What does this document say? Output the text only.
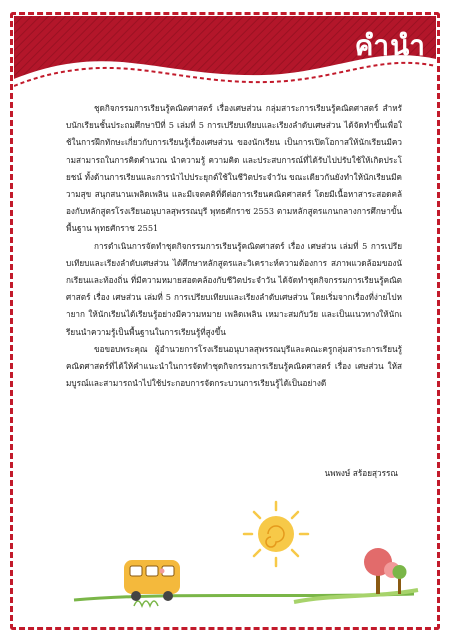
คำนำ

ชุดกิจกรรมการเรียนรู้คณิตศาสตร์ เรื่องเศษส่วน กลุ่มสาระการเรียนรู้คณิตศาสตร์ สำหรับนักเรียนชั้นประถมศึกษาปีที่ 5 เล่มที่ 5 การเปรียบเทียบและเรียงลำดับเศษส่วน ได้จัดทำขึ้นเพื่อใช้ในการฝึกทักษะเกี่ยวกับการเรียนรู้เรื่องเศษส่วน ของนักเรียน เป็นการเปิดโอกาสให้นักเรียนมีความสามารถในการคิดคำนวณ นำความรู้ ความคิด และประสบการณ์ที่ได้รับไปปรับใช้ให้เกิดประโยชน์ ทั้งด้านการเรียนและการนำไปประยุกต์ใช้ในชีวิตประจำวัน ขณะเดียวกันยังทำให้นักเรียนมีความสุข สนุกสนานเพลิดเพลิน และมีเจตคติที่ดีต่อการเรียนคณิตศาสตร์ โดยมีเนื้อหาสาระสอดคล้องกับหลักสูตรโรงเรียนอนุบาลสุพรรณบุรี พุทธศักราช 2553 ตามหลักสูตรแกนกลางการศึกษาขั้นพื้นฐาน พุทธศักราช 2551

การดำเนินการจัดทำชุดกิจกรรมการเรียนรู้คณิตศาสตร์ เรื่อง เศษส่วน เล่มที่ 5 การเปรียบเทียบและเรียงลำดับเศษส่วน ได้ศึกษาหลักสูตรและวิเคราะห์ความต้องการ สภาพแวดล้อมของนักเรียนและท้องถิ่น ที่มีความหมายสอดคล้องกับชีวิตประจำวัน ได้จัดทำชุดกิจกรรมการเรียนรู้คณิตศาสตร์ เรื่อง เศษส่วน เล่มที่ 5 การเปรียบเทียบและเรียงลำดับเศษส่วน โดยเริ่มจากเรื่องที่ง่ายไปหายาก ให้นักเรียนได้เรียนรู้อย่างมีความหมาย เพลิดเพลิน เหมาะสมกับวัย และเป็นแนวทางให้นักเรียนนำความรู้เป็นพื้นฐานในการเรียนรู้ที่สูงขึ้น

ขอขอบพระคุณ ผู้อำนวยการโรงเรียนอนุบาลสุพรรณบุรีและคณะครูกลุ่มสาระการเรียนรู้คณิตศาสตร์ที่ได้ให้คำแนะนำในการจัดทำชุดกิจกรรมการเรียนรู้คณิตศาสตร์ เรื่อง เศษส่วน ให้สมบูรณ์และสามารถนำไปใช้ประกอบการจัดกระบวนการเรียนรู้ได้เป็นอย่างดี

นพพงษ์ สร้อยสุวรรณ
